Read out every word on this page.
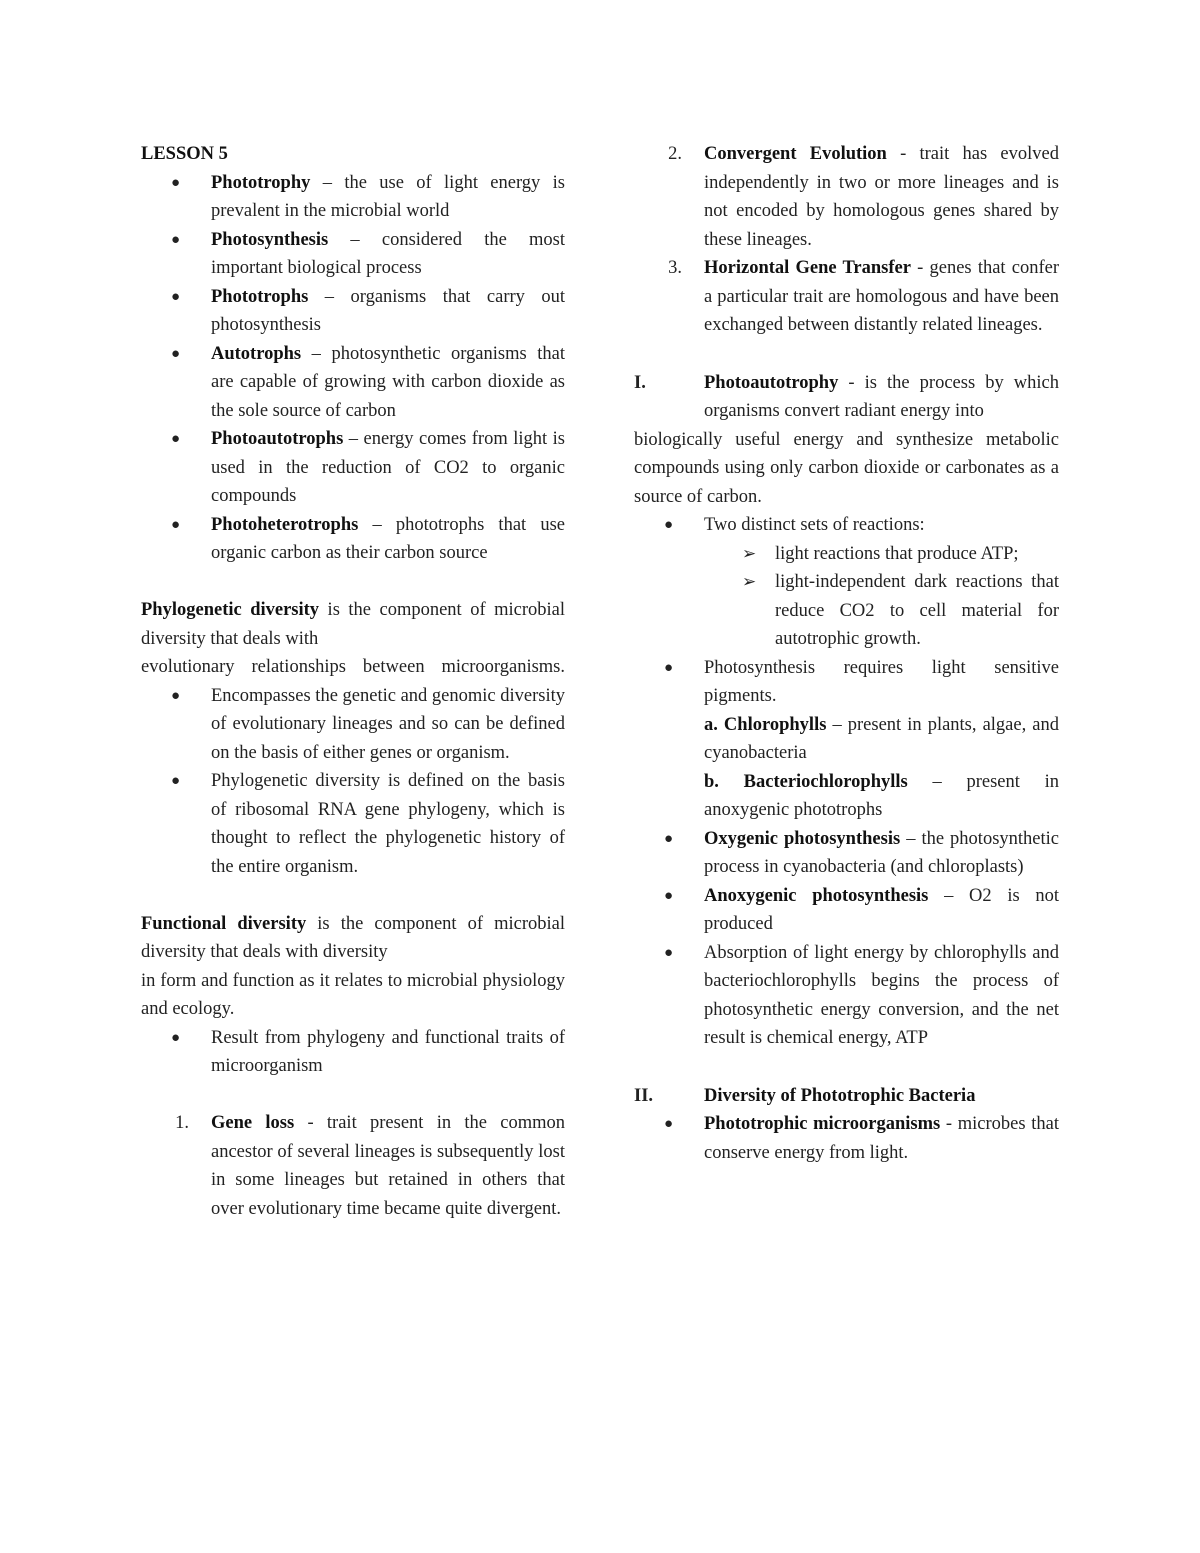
LESSON 5

●	Phototrophy – the use of light energy is prevalent in the microbial world
●	Photosynthesis – considered the most important biological process
●	Phototrophs – organisms that carry out photosynthesis
●	Autotrophs – photosynthetic organisms that are capable of growing with carbon dioxide as the sole source of carbon
●	Photoautotrophs – energy comes from light is used in the reduction of CO2 to organic compounds
●	Photoheterotrophs – phototrophs that use organic carbon as their carbon source

Phylogenetic diversity is the component of microbial diversity that deals with

evolutionary relationships between microorganisms.

●	Encompasses the genetic and genomic diversity of evolutionary lineages and so can be defined on the basis of either genes or organism.
●	Phylogenetic diversity is defined on the basis of ribosomal RNA gene phylogeny, which is thought to reflect the phylogenetic history of the entire organism.

Functional diversity is the component of microbial diversity that deals with diversity

in form and function as it relates to microbial physiology and ecology.

●	Result from phylogeny and functional traits of microorganism
1. Gene loss - trait present in the common ancestor of several lineages is subsequently lost in some lineages but retained in others that over evolutionary time became quite divergent.
2. Convergent Evolution - trait has evolved independently in two or more lineages and is not encoded by homologous genes shared by these lineages.
3. Horizontal Gene Transfer - genes that confer a particular trait are homologous and have been exchanged between distantly related lineages.
I.	Photoautotrophy - is the process by which organisms convert radiant energy into

biologically useful energy and synthesize metabolic compounds using only carbon dioxide or carbonates as a source of carbon.

●	Two distinct sets of reactions:
➢ light reactions that produce ATP;
➢ light-independent dark reactions that reduce CO2 to cell material for autotrophic growth.
●	Photosynthesis requires light sensitive pigments.
a. Chlorophylls – present in plants, algae, and cyanobacteria
b. Bacteriochlorophylls – present in anoxygenic phototrophs
●	Oxygenic photosynthesis – the photosynthetic process in cyanobacteria (and chloroplasts)
●	Anoxygenic photosynthesis – O2 is not produced
●	Absorption of light energy by chlorophylls and bacteriochlorophylls begins the process of photosynthetic energy conversion, and the net result is chemical energy, ATP
II.	Diversity of Phototrophic Bacteria
●	Phototrophic microorganisms - microbes that conserve energy from light.
